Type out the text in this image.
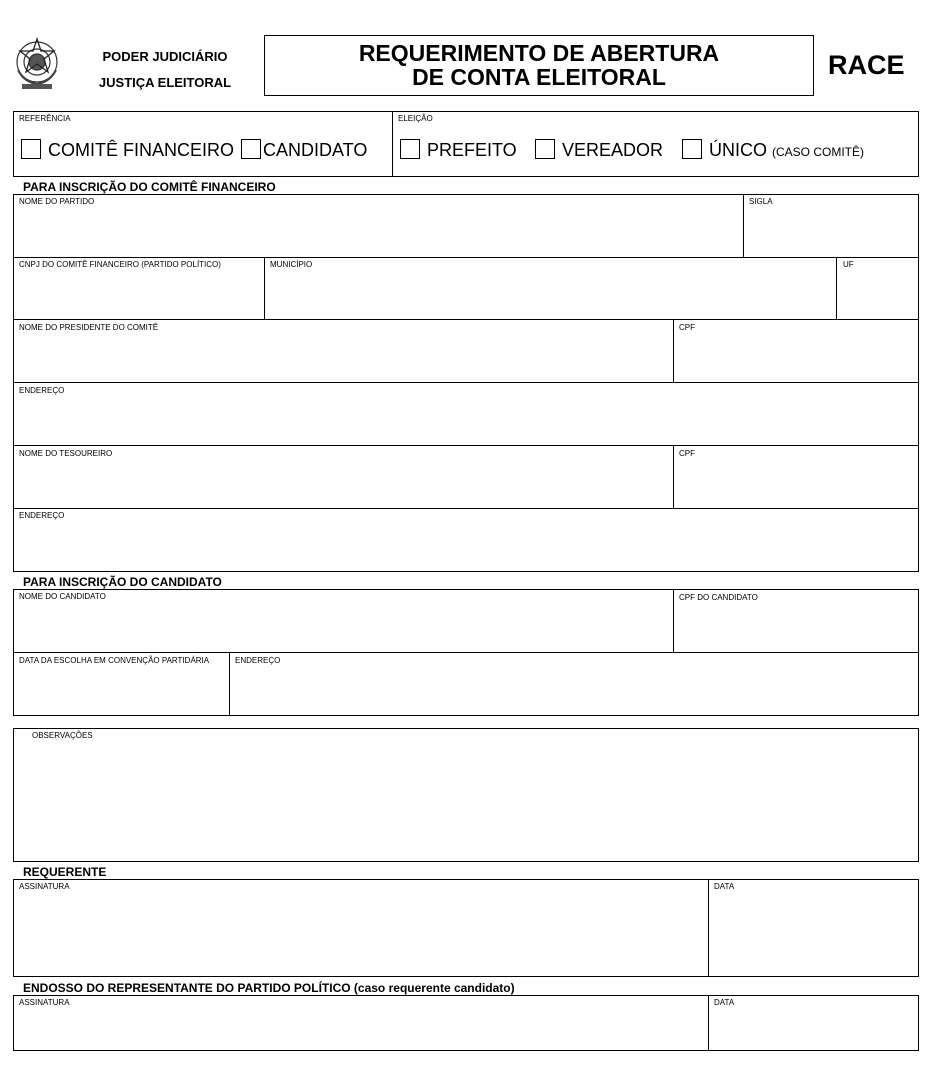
PODER JUDICIÁRIO
JUSTIÇA ELEITORAL
REQUERIMENTO DE ABERTURA
DE CONTA ELEITORAL	RACE
REFERÊNCIA	ELEIÇÃO
COMITÊ FINANCEIRO CANDIDATO	PREFEITO	VEREADOR	ÚNICO (CASO COMITÊ)
PARA INSCRIÇÃO DO COMITÊ FINANCEIRO
NOME DO PARTIDO	SIGLA
CNPJ DO COMITÊ FINANCEIRO (PARTIDO POLÍTICO)	MUNICÍPIO	UF
NOME DO PRESIDENTE DO COMITÊ	CPF
ENDEREÇO
NOME DO TESOUREIRO	CPF
ENDEREÇO
PARA INSCRIÇÃO DO CANDIDATO
NOME DO CANDIDATO	CPF DO CANDIDATO
DATA DA ESCOLHA EM CONVENÇÃO PARTIDÁRIA	ENDEREÇO
OBSERVAÇÕES
REQUERENTE
ASSINATURA	DATA
ENDOSSO DO REPRESENTANTE DO PARTIDO POLÍTICO (caso requerente candidato)
ASSINATURA	DATA
